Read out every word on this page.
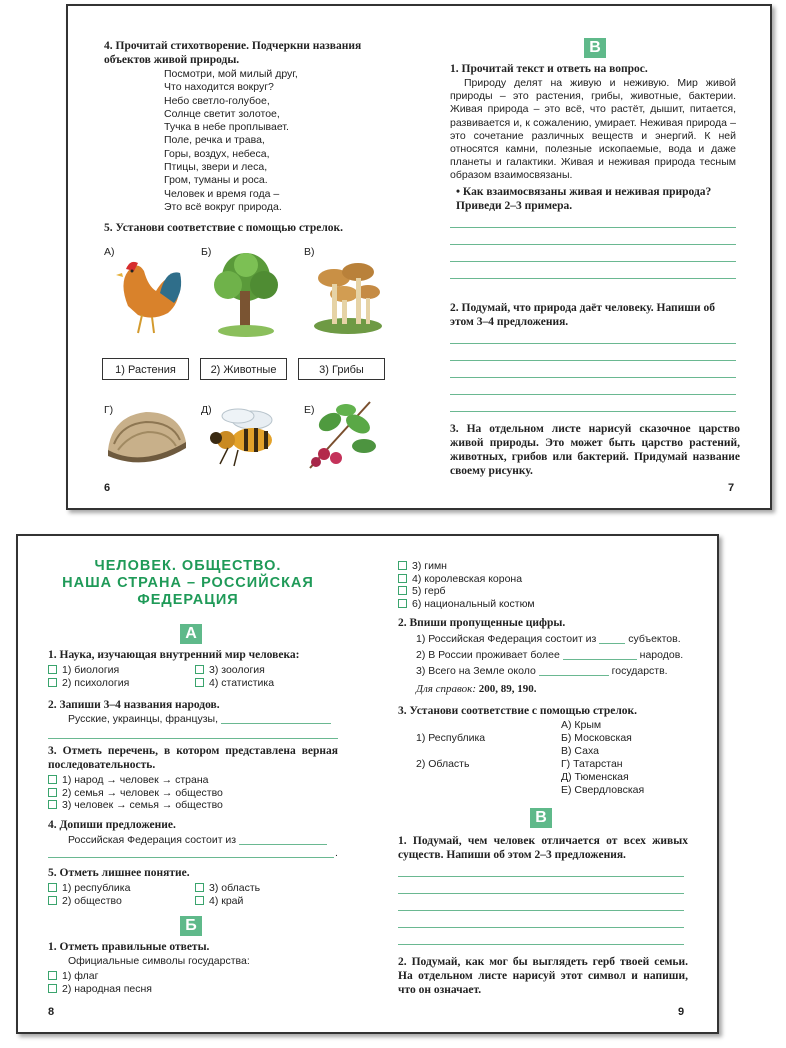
4. Прочитай стихотворение. Подчеркни названия объектов живой природы.
Посмотри, мой милый друг,
Что находится вокруг?
Небо светло-голубое,
Солнце светит золотое,
Тучка в небе проплывает.
Поле, речка и трава,
Горы, воздух, небеса,
Птицы, звери и леса,
Гром, туманы и роса.
Человек и время года –
Это всё вокруг природа.
5. Установи соответствие с помощью стрелок.
А)	Б)	В)
1) Растения	2) Животные	3) Грибы
Г)	Д)	Е)
6
В
1. Прочитай текст и ответь на вопрос.
Природу делят на живую и неживую. Мир живой природы – это растения, грибы, животные, бактерии. Живая природа – это всё, что растёт, дышит, питается, развивается и, к сожалению, умирает. Неживая природа – это сочетание различных веществ и энергий. К ней относятся камни, полезные ископаемые, вода и даже планеты и галактики. Живая и неживая природа тесным образом взаимосвязаны.
• Как взаимосвязаны живая и неживая природа? Приведи 2–3 примера.
2. Подумай, что природа даёт человеку. Напиши об этом 3–4 предложения.
3. На отдельном листе нарисуй сказочное царство живой природы. Это может быть царство растений, животных, грибов или бактерий. Придумай название своему рисунку.
7
ЧЕЛОВЕК. ОБЩЕСТВО.
НАША СТРАНА – РОССИЙСКАЯ
ФЕДЕРАЦИЯ
А
1. Наука, изучающая внутренний мир человека:
1) биология	3) зоология
2) психология	4) статистика
2. Запиши 3–4 названия народов.
Русские, украинцы, французы,
3. Отметь перечень, в котором представлена верная последовательность.
1) народ → человек → страна
2) семья → человек → общество
3) человек → семья → общество
4. Допиши предложение.
Российская Федерация состоит из
.
5. Отметь лишнее понятие.
1) республика	3) область
2) общество	4) край
Б
1. Отметь правильные ответы.
Официальные символы государства:
1) флаг
2) народная песня
8
3) гимн
4) королевская корона
5) герб
6) национальный костюм
2. Впиши пропущенные цифры.
1) Российская Федерация состоит из	субъектов.
2) В России проживает более	народов.
3) Всего на Земле около	государств.
Для справок: 200, 89, 190.
3. Установи соответствие с помощью стрелок.
1) Республика
2) Область
А) Крым
Б) Московская
В) Саха
Г) Татарстан
Д) Тюменская
Е) Свердловская
В
1. Подумай, чем человек отличается от всех живых существ. Напиши об этом 2–3 предложения.
2. Подумай, как мог бы выглядеть герб твоей семьи. На отдельном листе нарисуй этот символ и напиши, что он означает.
9
